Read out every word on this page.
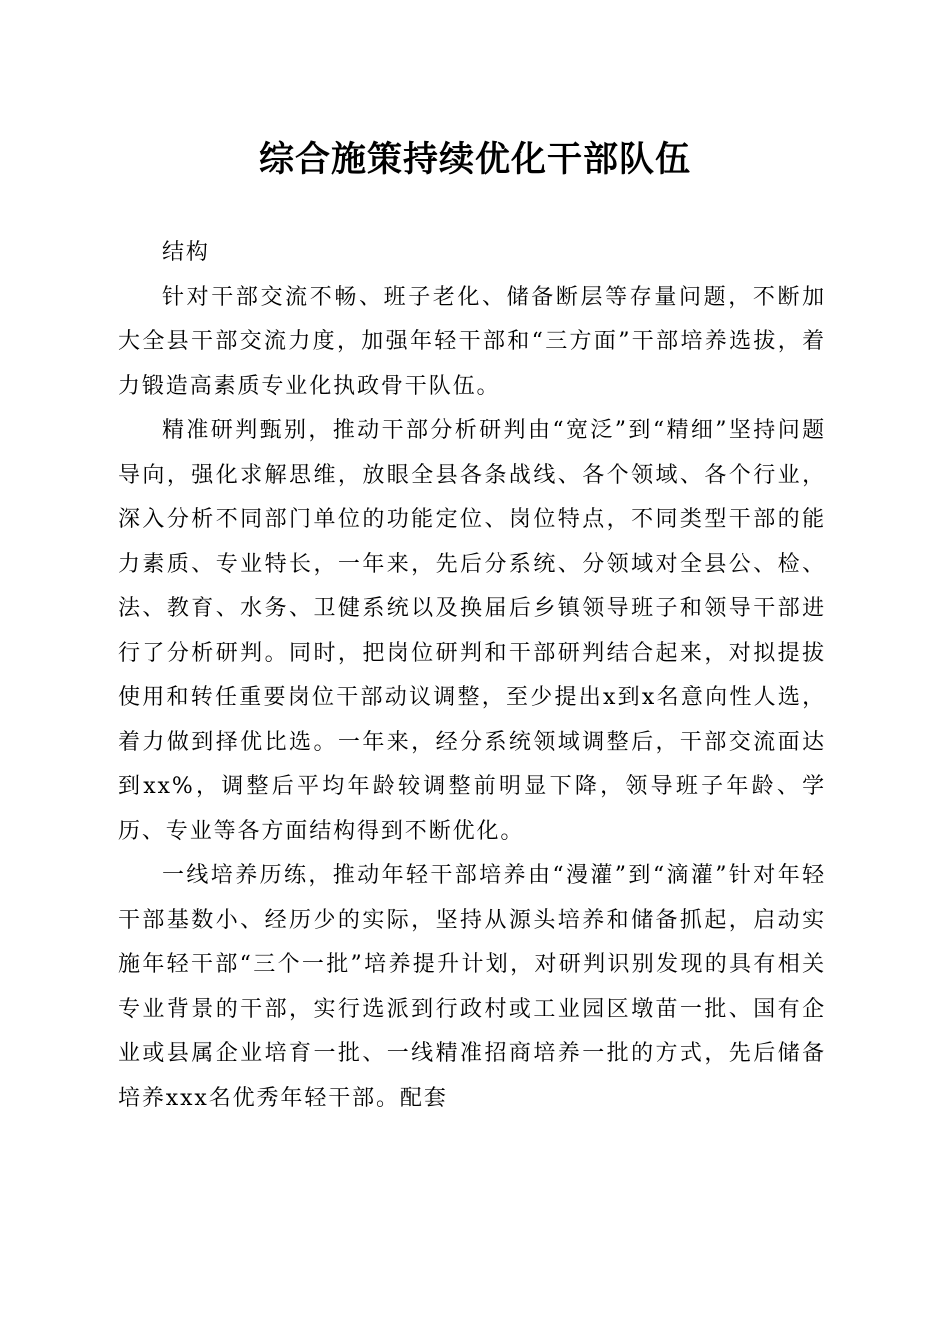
综合施策持续优化干部队伍

结构

针对干部交流不畅、班子老化、储备断层等存量问题，不断加大全县干部交流力度，加强年轻干部和“三方面”干部培养选拔，着力锻造高素质专业化执政骨干队伍。

精准研判甄别，推动干部分析研判由“宽泛”到“精细”坚持问题导向，强化求解思维，放眼全县各条战线、各个领域、各个行业，深入分析不同部门单位的功能定位、岗位特点，不同类型干部的能力素质、专业特长，一年来，先后分系统、分领域对全县公、检、法、教育、水务、卫健系统以及换届后乡镇领导班子和领导干部进行了分析研判。同时，把岗位研判和干部研判结合起来，对拟提拔使用和转任重要岗位干部动议调整，至少提出x到x名意向性人选，着力做到择优比选。一年来，经分系统领域调整后，干部交流面达到xx%，调整后平均年龄较调整前明显下降，领导班子年龄、学历、专业等各方面结构得到不断优化。

一线培养历练，推动年轻干部培养由“漫灌”到“滴灌”针对年轻干部基数小、经历少的实际，坚持从源头培养和储备抓起，启动实施年轻干部“三个一批”培养提升计划，对研判识别发现的具有相关专业背景的干部，实行选派到行政村或工业园区墩苗一批、国有企业或县属企业培育一批、一线精准招商培养一批的方式，先后储备培养xxx名优秀年轻干部。配套
